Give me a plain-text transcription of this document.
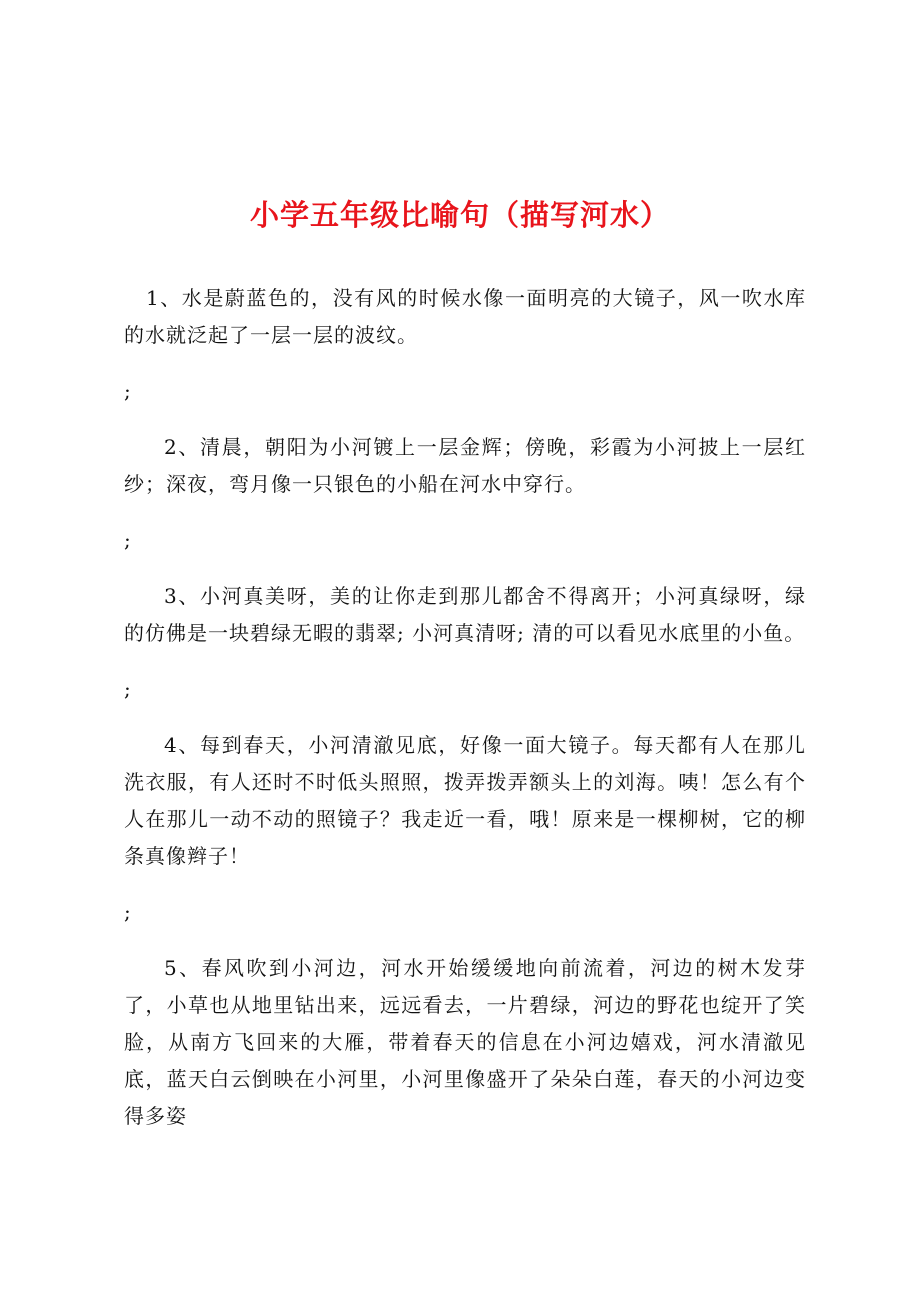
小学五年级比喻句（描写河水）

1、水是蔚蓝色的，没有风的时候水像一面明亮的大镜子，风一吹水库的水就泛起了一层一层的波纹。

;

2、清晨，朝阳为小河镀上一层金辉；傍晚，彩霞为小河披上一层红纱；深夜，弯月像一只银色的小船在河水中穿行。

;

3、小河真美呀，美的让你走到那儿都舍不得离开；小河真绿呀，绿的仿佛是一块碧绿无暇的翡翠; 小河真清呀; 清的可以看见水底里的小鱼。

;

4、每到春天，小河清澈见底，好像一面大镜子。每天都有人在那儿洗衣服，有人还时不时低头照照，拨弄拨弄额头上的刘海。咦！怎么有个人在那儿一动不动的照镜子？我走近一看，哦！原来是一棵柳树，它的柳条真像辫子！

;

5、春风吹到小河边，河水开始缓缓地向前流着，河边的树木发芽了，小草也从地里钻出来，远远看去，一片碧绿，河边的野花也绽开了笑脸，从南方飞回来的大雁，带着春天的信息在小河边嬉戏，河水清澈见底，蓝天白云倒映在小河里，小河里像盛开了朵朵白莲，春天的小河边变得多姿
